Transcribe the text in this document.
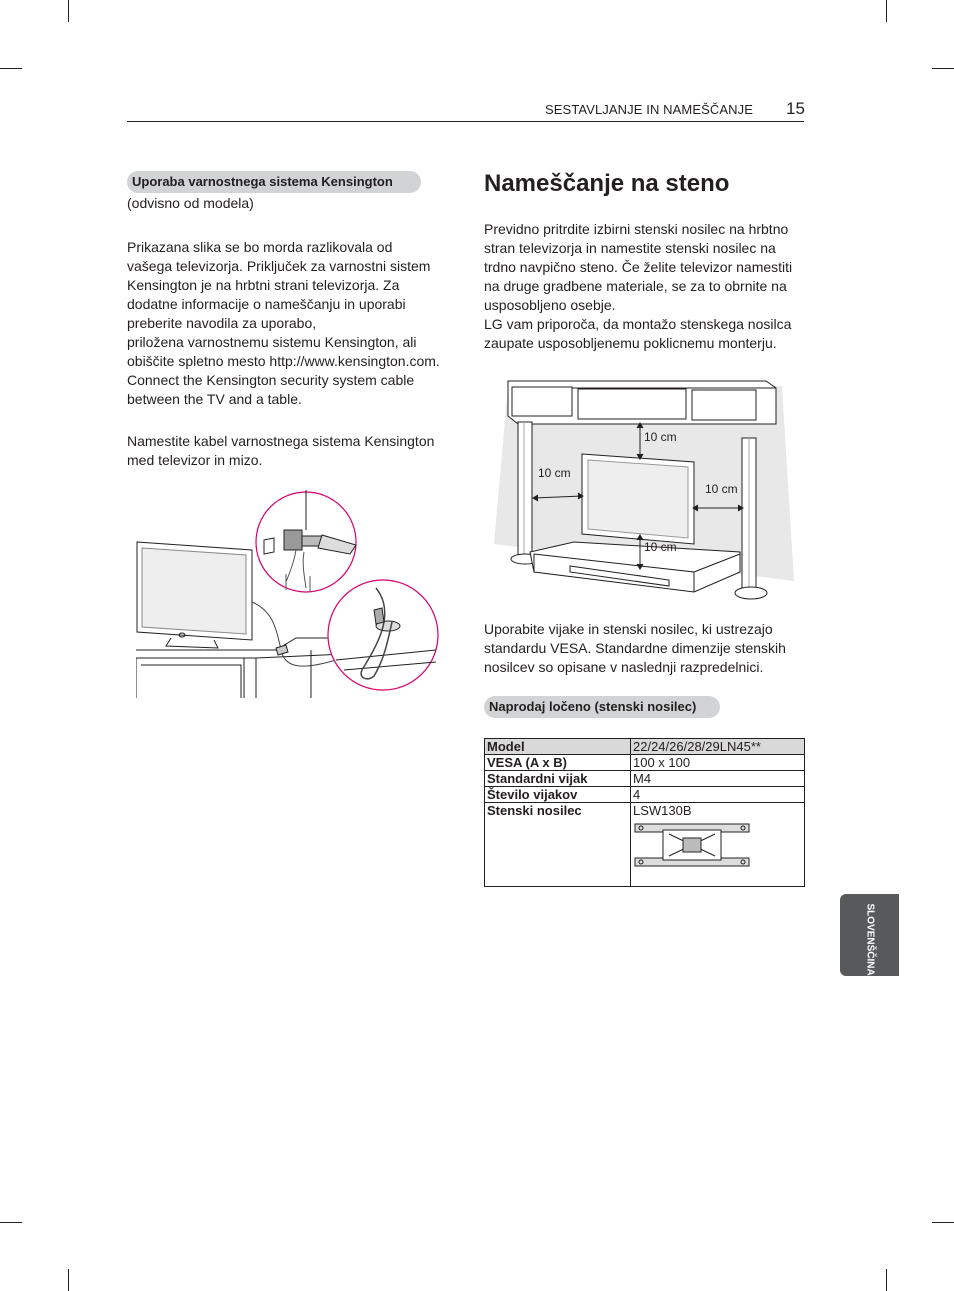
SESTAVLJANJE IN NAMEŠČANJE 15
Uporaba varnostnega sistema Kensington
(odvisno od modela)

Prikazana slika se bo morda razlikovala od

vašega televizorja. Priključek za varnostni sistem

Kensington je na hrbtni strani televizorja. Za

dodatne informacije o nameščanju in uporabi

preberite navodila za uporabo,

priložena varnostnemu sistemu Kensington, ali

obiščite spletno mesto http://www.kensington.com.

Connect the Kensington security system cable

between the TV and a table.

Namestite kabel varnostnega sistema Kensington

med televizor in mizo.

Nameščanje na steno

Previdno pritrdite izbirni stenski nosilec na hrbtno

stran televizorja in namestite stenski nosilec na

trdno navpično steno. Če želite televizor namestiti

na druge gradbene materiale, se za to obrnite na

usposobljeno osebje.

LG vam priporoča, da montažo stenskega nosilca

zaupate usposobljenemu poklicnemu monterju.

10 cm
10 cm
10 cm
10 cm

Uporabite vijake in stenski nosilec, ki ustrezajo

standardu VESA. Standardne dimenzije stenskih

nosilcev so opisane v naslednji razpredelnici.

Naprodaj ločeno (stenski nosilec)
Model	22/24/26/28/29LN45**
VESA (A x B)	100 x 100
Standardni vijak	M4
Število vijakov	4
Stenski nosilec	LSW130B
SLOVENŠČINA
